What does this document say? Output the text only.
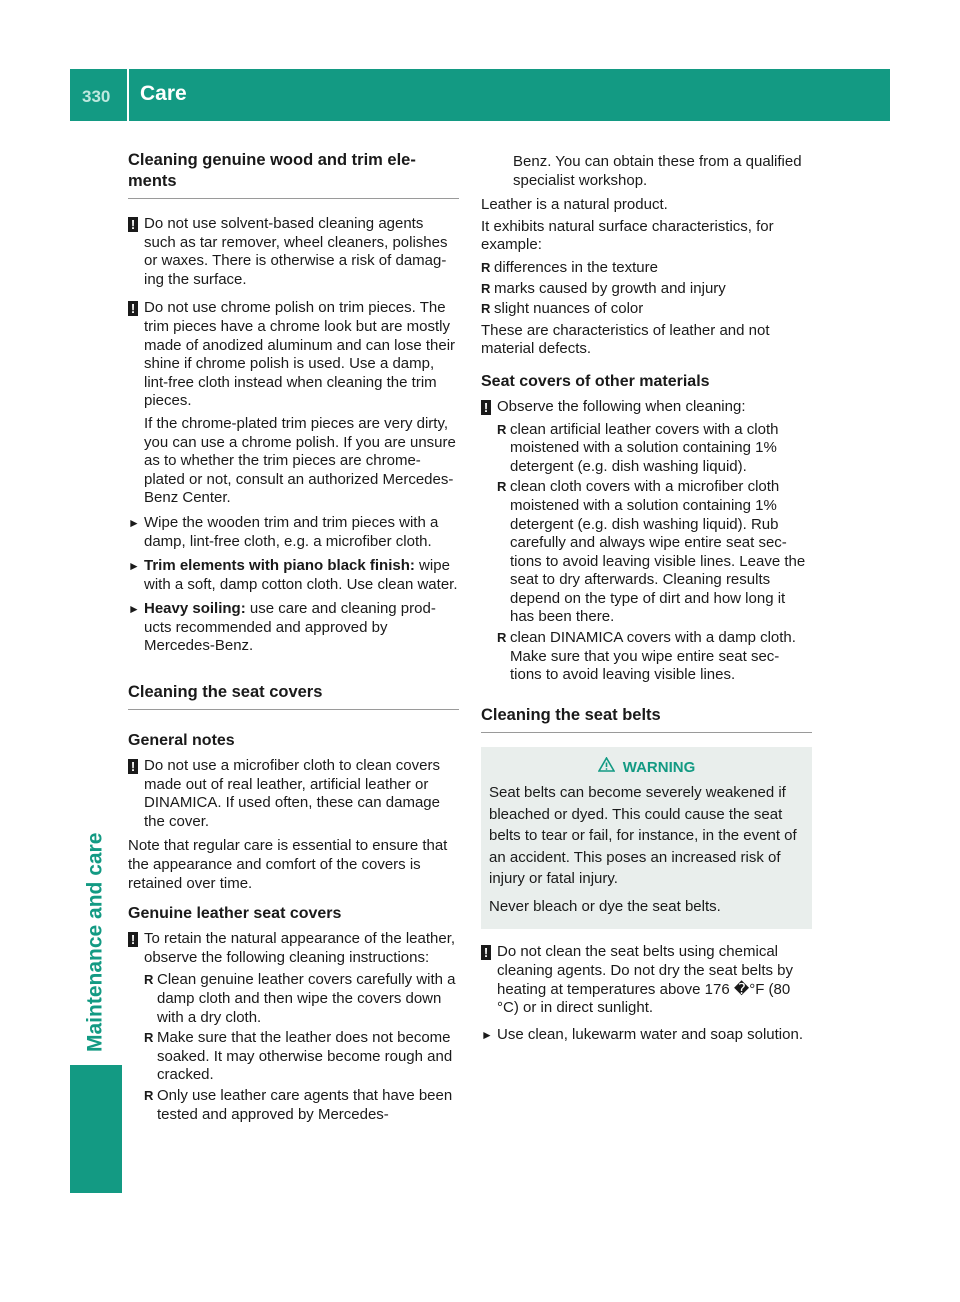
330	Care
Maintenance and care
Cleaning genuine wood and trim ele-
ments
! Do not use solvent-based cleaning agents such as tar remover, wheel cleaners, polishes or waxes. There is otherwise a risk of damag- ing the surface.

! Do not use chrome polish on trim pieces. The trim pieces have a chrome look but are mostly made of anodized aluminum and can lose their shine if chrome polish is used. Use a damp, lint-free cloth instead when cleaning the trim pieces.

If the chrome-plated trim pieces are very dirty, you can use a chrome polish. If you are unsure as to whether the trim pieces are chrome-plated or not, consult an authorized Mercedes-Benz Center.

► Wipe the wooden trim and trim pieces with a damp, lint-free cloth, e.g. a microfiber cloth.

► Trim elements with piano black finish: wipe with a soft, damp cotton cloth. Use clean water.

► Heavy soiling: use care and cleaning prod- ucts recommended and approved by Mercedes-Benz.

Cleaning the seat covers
General notes
! Do not use a microfiber cloth to clean covers made out of real leather, artificial leather or DINAMICA. If used often, these can damage the cover.

Note that regular care is essential to ensure that the appearance and comfort of the covers is retained over time.

Genuine leather seat covers
! To retain the natural appearance of the leather, observe the following cleaning instructions:

R Clean genuine leather covers carefully with a damp cloth and then wipe the covers down with a dry cloth.
R Make sure that the leather does not become soaked. It may otherwise become rough and cracked.
R Only use leather care agents that have been tested and approved by Mercedes-

Benz. You can obtain these from a qualified specialist workshop.

Leather is a natural product.

It exhibits natural surface characteristics, for example:

R differences in the texture
R marks caused by growth and injury
R slight nuances of color

These are characteristics of leather and not material defects.

Seat covers of other materials
! Observe the following when cleaning:

R clean artificial leather covers with a cloth moistened with a solution containing 1% detergent (e.g. dish washing liquid).
R clean cloth covers with a microfiber cloth moistened with a solution containing 1% detergent (e.g. dish washing liquid). Rub carefully and always wipe entire seat sec- tions to avoid leaving visible lines. Leave the seat to dry afterwards. Cleaning results depend on the type of dirt and how long it has been there.
R clean DINAMICA covers with a damp cloth. Make sure that you wipe entire seat sec- tions to avoid leaving visible lines.
Cleaning the seat belts
WARNING

Seat belts can become severely weakened if bleached or dyed. This could cause the seat belts to tear or fail, for instance, in the event of an accident. This poses an increased risk of injury or fatal injury.

Never bleach or dye the seat belts.

! Do not clean the seat belts using chemical cleaning agents. Do not dry the seat belts by heating at temperatures above 176 �°F (80 °C) or in direct sunlight.

► Use clean, lukewarm water and soap solution.
